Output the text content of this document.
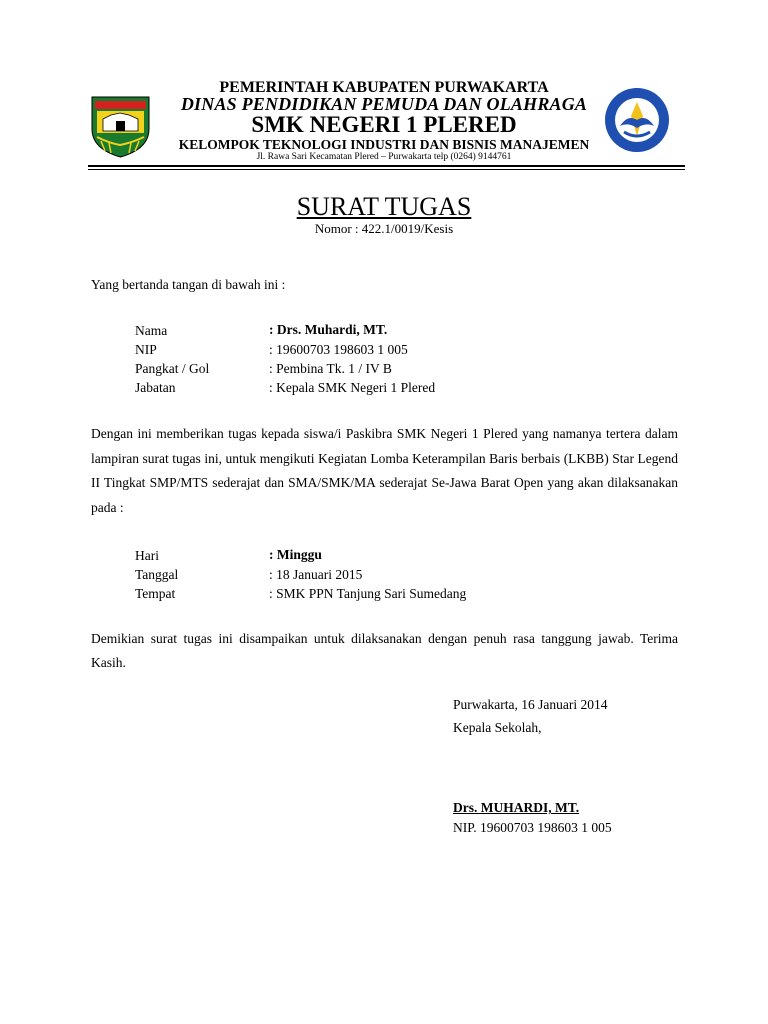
PEMERINTAH KABUPATEN PURWAKARTA
DINAS PENDIDIKAN PEMUDA DAN OLAHRAGA
SMK NEGERI 1 PLERED
KELOMPOK TEKNOLOGI INDUSTRI DAN BISNIS MANAJEMEN
Jl. Rawa Sari Kecamatan Plered – Purwakarta telp (0264) 9144761
SURAT TUGAS
Nomor : 422.1/0019/Kesis
Yang bertanda tangan di bawah ini :
Nama	: Drs. Muhardi, MT.
NIP	: 19600703 198603 1 005
Pangkat / Gol	: Pembina Tk. 1 / IV B
Jabatan	: Kepala SMK Negeri 1 Plered
Dengan ini memberikan tugas kepada siswa/i Paskibra SMK Negeri 1 Plered yang namanya tertera dalam lampiran surat tugas ini, untuk mengikuti Kegiatan Lomba Keterampilan Baris berbais (LKBB) Star Legend II Tingkat SMP/MTS sederajat dan SMA/SMK/MA sederajat Se-Jawa Barat Open yang akan dilaksanakan pada :
Hari	: Minggu
Tanggal	: 18 Januari 2015
Tempat	: SMK PPN Tanjung Sari Sumedang
Demikian surat tugas ini disampaikan untuk dilaksanakan dengan penuh rasa tanggung jawab. Terima Kasih.
Purwakarta, 16 Januari 2014
Kepala Sekolah,
Drs. MUHARDI, MT.
NIP. 19600703 198603 1 005
